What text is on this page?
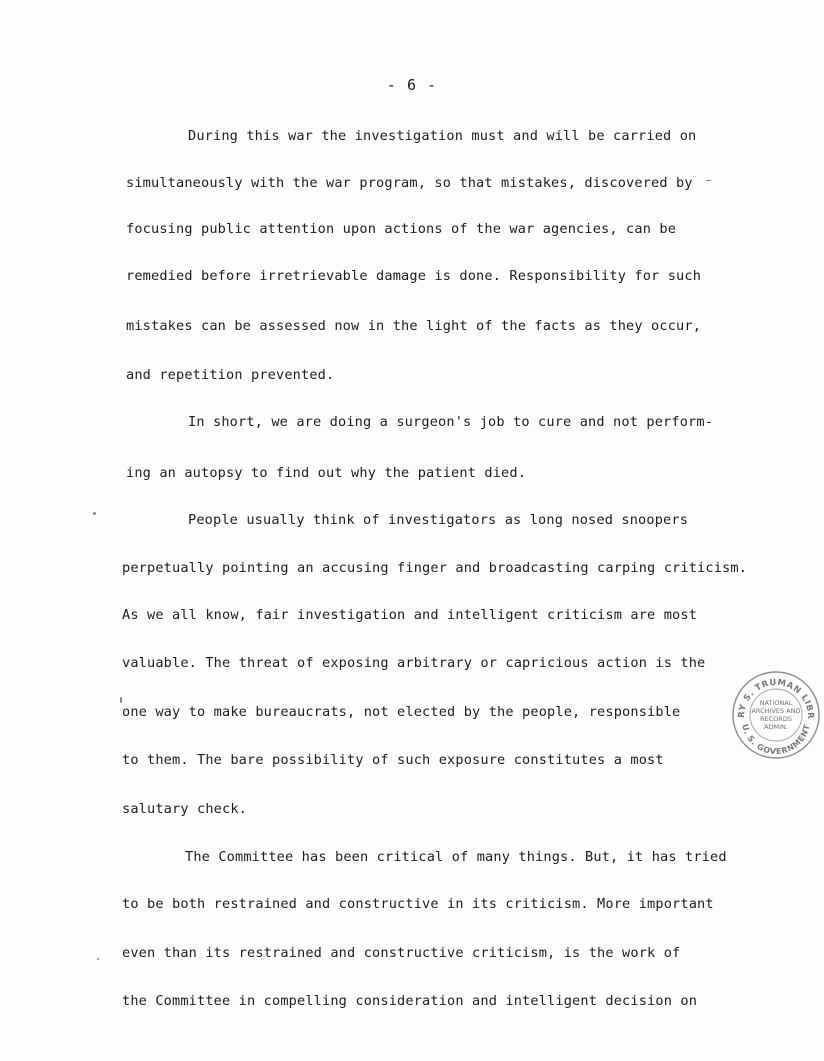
- 6 -
During this war the investigation must and will be carried on
simultaneously with the war program, so that mistakes, discovered by
focusing public attention upon actions of the war agencies, can be
remedied before irretrievable damage is done. Responsibility for such
mistakes can be assessed now in the light of the facts as they occur,
and repetition prevented.
In short, we are doing a surgeon's job to cure and not perform-
ing an autopsy to find out why the patient died.
People usually think of investigators as long nosed snoopers
perpetually pointing an accusing finger and broadcasting carping criticism.
As we all know, fair investigation and intelligent criticism are most
valuable. The threat of exposing arbitrary or capricious action is the
one way to make bureaucrats, not elected by the people, responsible
to them. The bare possibility of such exposure constitutes a most
salutary check.
The Committee has been critical of many things. But, it has tried
to be both restrained and constructive in its criticism. More important
even than its restrained and constructive criticism, is the work of
the Committee in compelling consideration and intelligent decision on
RY S. TRUMAN LIBR
U. S. GOVERNMENT
NATIONAL
ARCHIVES AND
RECORDS
ADMIN.
